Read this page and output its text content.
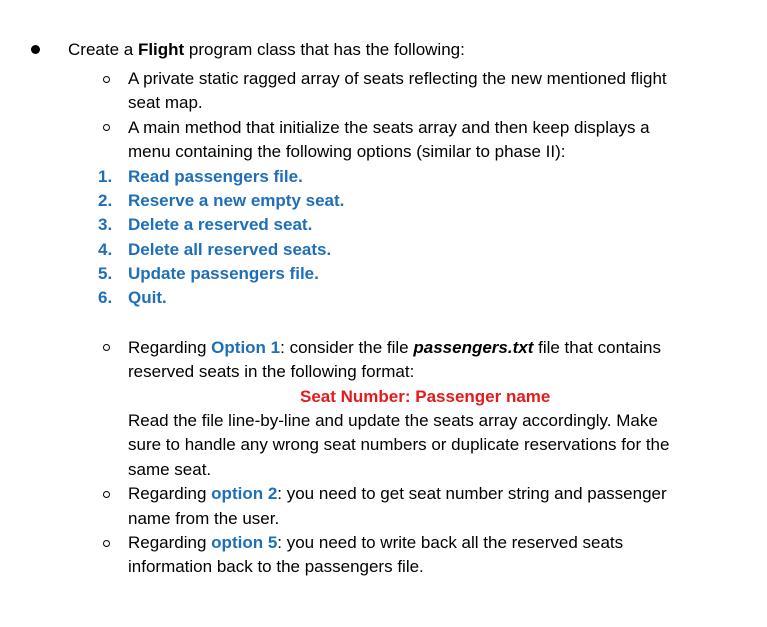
Create a Flight program class that has the following:
A private static ragged array of seats reflecting the new mentioned flight
seat map.
A main method that initialize the seats array and then keep displays a
menu containing the following options (similar to phase II):
1. Read passengers file.
2. Reserve a new empty seat.
3. Delete a reserved seat.
4. Delete all reserved seats.
5. Update passengers file.
6. Quit.
Regarding Option 1: consider the file passengers.txt file that contains
reserved seats in the following format:
Seat Number: Passenger name
Read the file line-by-line and update the seats array accordingly. Make
sure to handle any wrong seat numbers or duplicate reservations for the
same seat.
Regarding option 2: you need to get seat number string and passenger
name from the user.
Regarding option 5: you need to write back all the reserved seats
information back to the passengers file.
